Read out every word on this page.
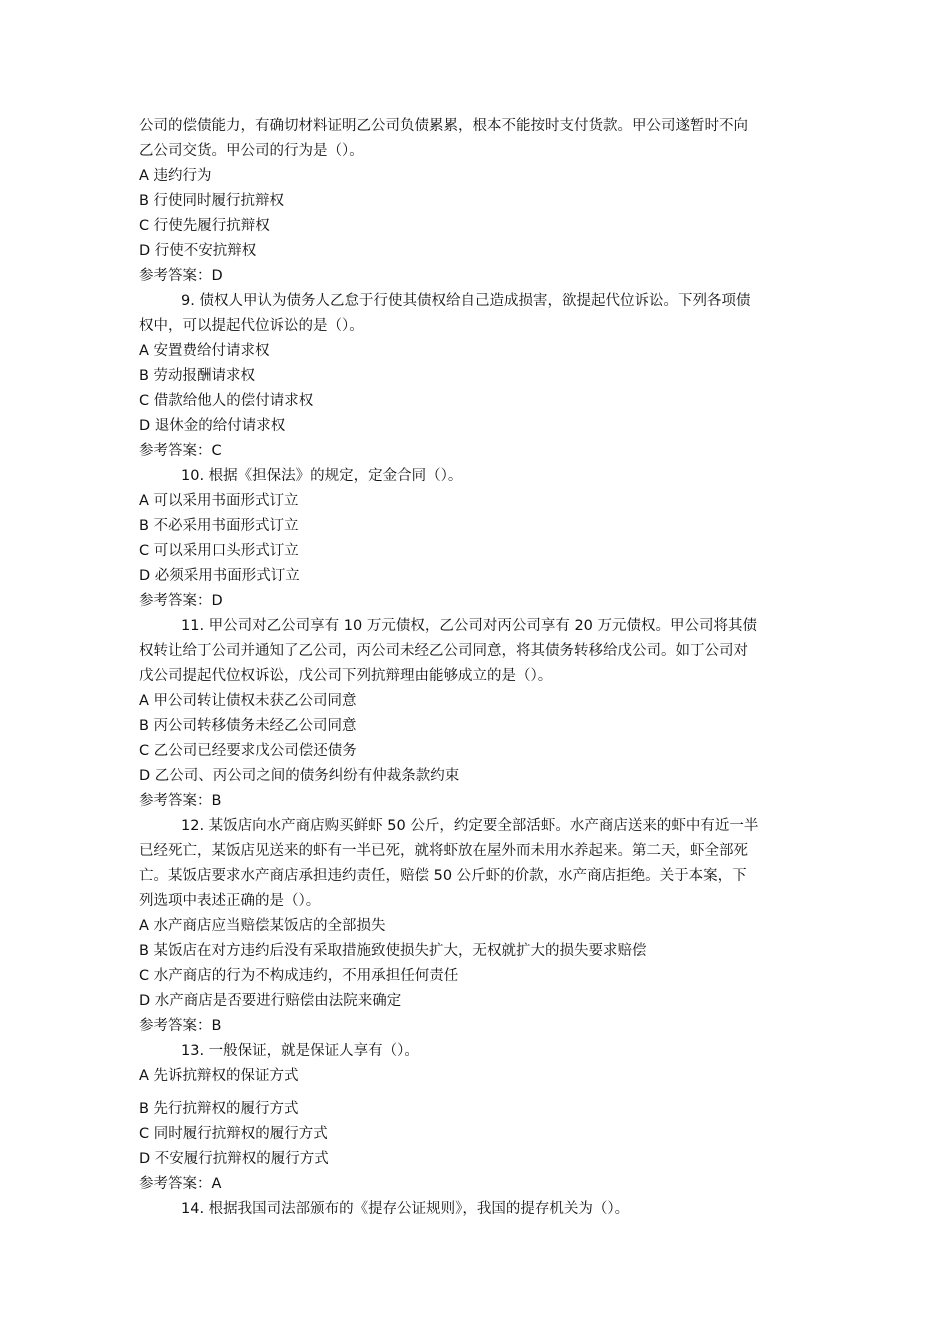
公司的偿债能力，有确切材料证明乙公司负债累累，根本不能按时支付货款。甲公司遂暂时不向

乙公司交货。甲公司的行为是（）。

A 违约行为

B 行使同时履行抗辩权

C 行使先履行抗辩权

D 行使不安抗辩权

参考答案：D

9. 债权人甲认为债务人乙怠于行使其债权给自己造成损害，欲提起代位诉讼。下列各项债

权中，可以提起代位诉讼的是（）。

A 安置费给付请求权

B 劳动报酬请求权

C 借款给他人的偿付请求权

D 退休金的给付请求权

参考答案：C

10. 根据《担保法》的规定，定金合同（）。

A 可以采用书面形式订立

B 不必采用书面形式订立

C 可以采用口头形式订立

D 必须采用书面形式订立

参考答案：D

11. 甲公司对乙公司享有 10 万元债权，乙公司对丙公司享有 20 万元债权。甲公司将其债

权转让给丁公司并通知了乙公司，丙公司未经乙公司同意，将其债务转移给戊公司。如丁公司对

戊公司提起代位权诉讼，戊公司下列抗辩理由能够成立的是（）。

A 甲公司转让债权未获乙公司同意

B 丙公司转移债务未经乙公司同意

C 乙公司已经要求戊公司偿还债务

D 乙公司、丙公司之间的债务纠纷有仲裁条款约束

参考答案：B

12. 某饭店向水产商店购买鲜虾 50 公斤，约定要全部活虾。水产商店送来的虾中有近一半

已经死亡，某饭店见送来的虾有一半已死，就将虾放在屋外而未用水养起来。第二天，虾全部死

亡。某饭店要求水产商店承担违约责任，赔偿 50 公斤虾的价款，水产商店拒绝。关于本案，下

列选项中表述正确的是（）。

A 水产商店应当赔偿某饭店的全部损失

B 某饭店在对方违约后没有采取措施致使损失扩大，无权就扩大的损失要求赔偿

C 水产商店的行为不构成违约，不用承担任何责任

D 水产商店是否要进行赔偿由法院来确定

参考答案：B

13. 一般保证，就是保证人享有（）。

A 先诉抗辩权的保证方式

B 先行抗辩权的履行方式

C 同时履行抗辩权的履行方式

D 不安履行抗辩权的履行方式

参考答案：A

14. 根据我国司法部颁布的《提存公证规则》，我国的提存机关为（）。
